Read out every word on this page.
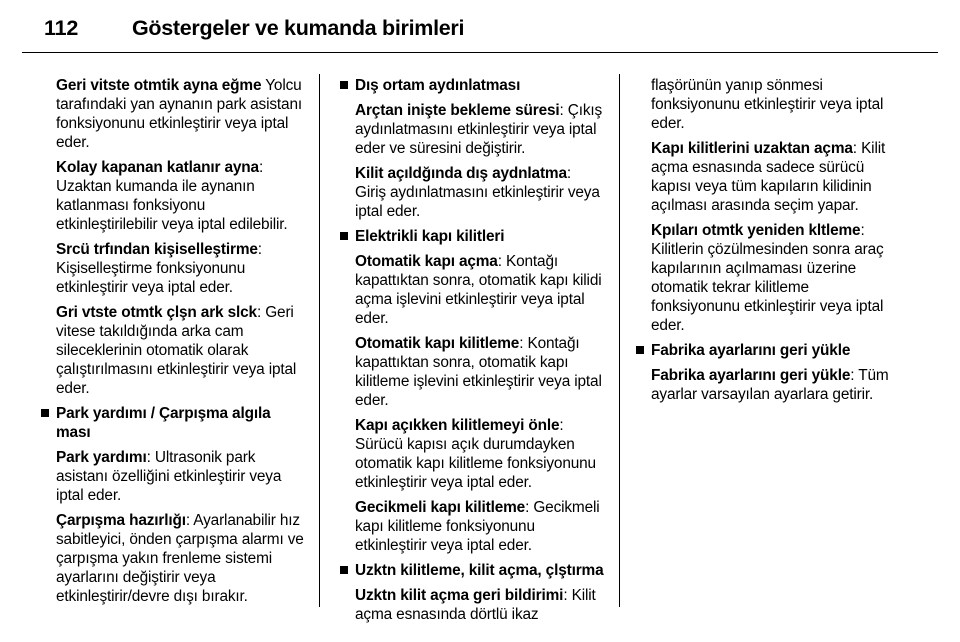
112	Göstergeler ve kumanda birimleri

Geri vitste otmtik ayna eğme Yolcu tarafındaki yan aynanın park asistanı fonksiyonunu etkinleştirir veya iptal eder.

Kolay kapanan katlanır ayna: Uzaktan kumanda ile aynanın katlanması fonksiyonu etkinleştirilebilir veya iptal edilebilir.

Srcü trfından kişiselleştirme: Kişiselleştirme fonksiyonunu etkinleştirir veya iptal eder.

Gri vtste otmtk çlşn ark slck: Geri vitese takıldığında arka cam sileceklerinin otomatik olarak çalıştırılmasını etkinleştirir veya iptal eder.

Park yardımı / Çarpışma algıla ması

Park yardımı: Ultrasonik park asistanı özelliğini etkinleştirir veya iptal eder.

Çarpışma hazırlığı: Ayarlanabilir hız sabitleyici, önden çarpışma alarmı ve çarpışma yakın frenleme sistemi ayarlarını değiştirir veya etkinleştirir/devre dışı bırakır.

Dış ortam aydınlatması

Arçtan inişte bekleme süresi: Çıkış aydınlatmasını etkinleştirir veya iptal eder ve süresini değiştirir.

Kilit açıldğında dış aydnlatma: Giriş aydınlatmasını etkinleştirir veya iptal eder.

Elektrikli kapı kilitleri

Otomatik kapı açma: Kontağı kapattıktan sonra, otomatik kapı kilidi açma işlevini etkinleştirir veya iptal eder.

Otomatik kapı kilitleme: Kontağı kapattıktan sonra, otomatik kapı kilitleme işlevini etkinleştirir veya iptal eder.

Kapı açıkken kilitlemeyi önle: Sürücü kapısı açık durumdayken otomatik kapı kilitleme fonksiyonunu etkinleştirir veya iptal eder.

Gecikmeli kapı kilitleme: Gecikmeli kapı kilitleme fonksiyonunu etkinleştirir veya iptal eder.

Uzktn kilitleme, kilit açma, çlştırma

Uzktn kilit açma geri bildirimi: Kilit açma esnasında dörtlü ikaz

flaşörünün yanıp sönmesi fonksiyonunu etkinleştirir veya iptal eder.

Kapı kilitlerini uzaktan açma: Kilit açma esnasında sadece sürücü kapısı veya tüm kapıların kilidinin açılması arasında seçim yapar.

Kpıları otmtk yeniden kltleme: Kilitlerin çözülmesinden sonra araç kapılarının açılmaması üzerine otomatik tekrar kilitleme fonksiyonunu etkinleştirir veya iptal eder.

Fabrika ayarlarını geri yükle

Fabrika ayarlarını geri yükle: Tüm ayarlar varsayılan ayarlara getirir.
